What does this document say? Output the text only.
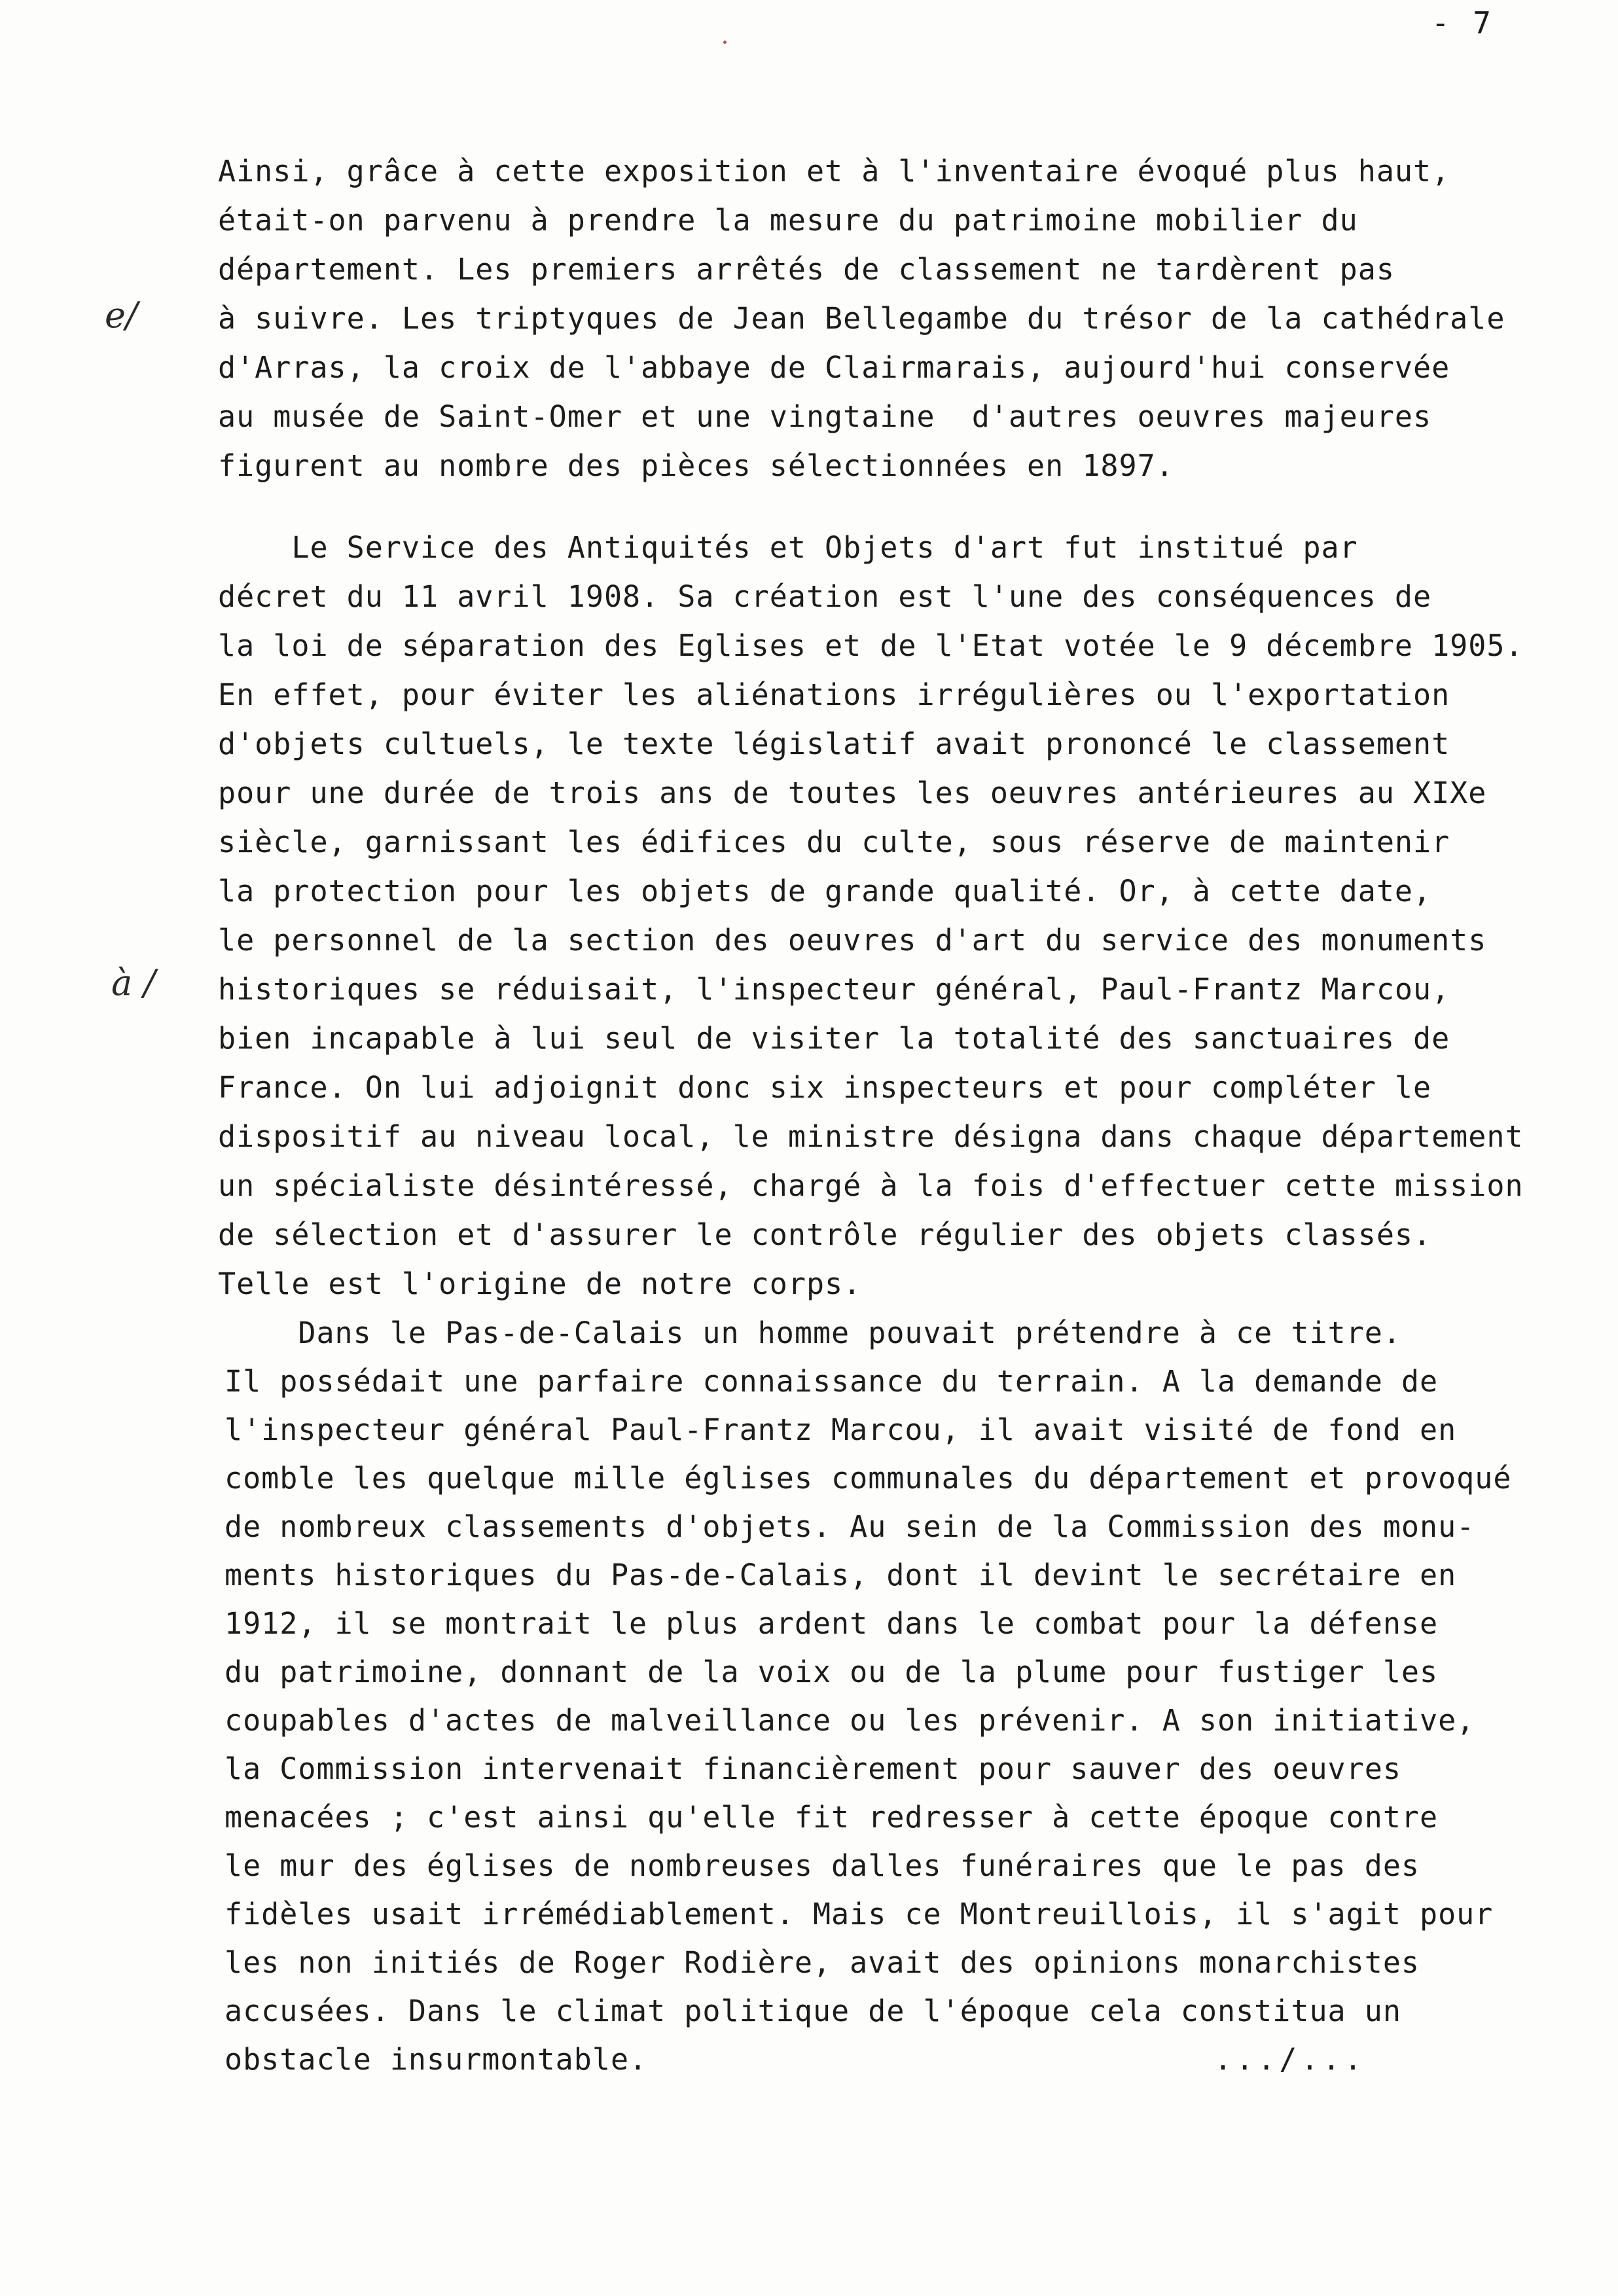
- 7
e/
à /
Ainsi, grâce à cette exposition et à l'inventaire évoqué plus haut,
était-on parvenu à prendre la mesure du patrimoine mobilier du
département. Les premiers arrêtés de classement ne tardèrent pas
à suivre. Les triptyques de Jean Bellegambe du trésor de la cathédrale
d'Arras, la croix de l'abbaye de Clairmarais, aujourd'hui conservée
au musée de Saint-Omer et une vingtaine  d'autres oeuvres majeures
figurent au nombre des pièces sélectionnées en 1897.
Le Service des Antiquités et Objets d'art fut institué par
décret du 11 avril 1908. Sa création est l'une des conséquences de
la loi de séparation des Eglises et de l'Etat votée le 9 décembre 1905.
En effet, pour éviter les aliénations irrégulières ou l'exportation
d'objets cultuels, le texte législatif avait prononcé le classement
pour une durée de trois ans de toutes les oeuvres antérieures au XIXe
siècle, garnissant les édifices du culte, sous réserve de maintenir
la protection pour les objets de grande qualité. Or, à cette date,
le personnel de la section des oeuvres d'art du service des monuments
historiques se réduisait, l'inspecteur général, Paul-Frantz Marcou,
bien incapable à lui seul de visiter la totalité des sanctuaires de
France. On lui adjoignit donc six inspecteurs et pour compléter le
dispositif au niveau local, le ministre désigna dans chaque département
un spécialiste désintéressé, chargé à la fois d'effectuer cette mission
de sélection et d'assurer le contrôle régulier des objets classés.
Telle est l'origine de notre corps.
Dans le Pas-de-Calais un homme pouvait prétendre à ce titre.
Il possédait une parfaire connaissance du terrain. A la demande de
l'inspecteur général Paul-Frantz Marcou, il avait visité de fond en
comble les quelque mille églises communales du département et provoqué
de nombreux classements d'objets. Au sein de la Commission des monu-
ments historiques du Pas-de-Calais, dont il devint le secrétaire en
1912, il se montrait le plus ardent dans le combat pour la défense
du patrimoine, donnant de la voix ou de la plume pour fustiger les
coupables d'actes de malveillance ou les prévenir. A son initiative,
la Commission intervenait financièrement pour sauver des oeuvres
menacées ; c'est ainsi qu'elle fit redresser à cette époque contre
le mur des églises de nombreuses dalles funéraires que le pas des
fidèles usait irrémédiablement. Mais ce Montreuillois, il s'agit pour
les non initiés de Roger Rodière, avait des opinions monarchistes
accusées. Dans le climat politique de l'époque cela constitua un
obstacle insurmontable.	.../...
